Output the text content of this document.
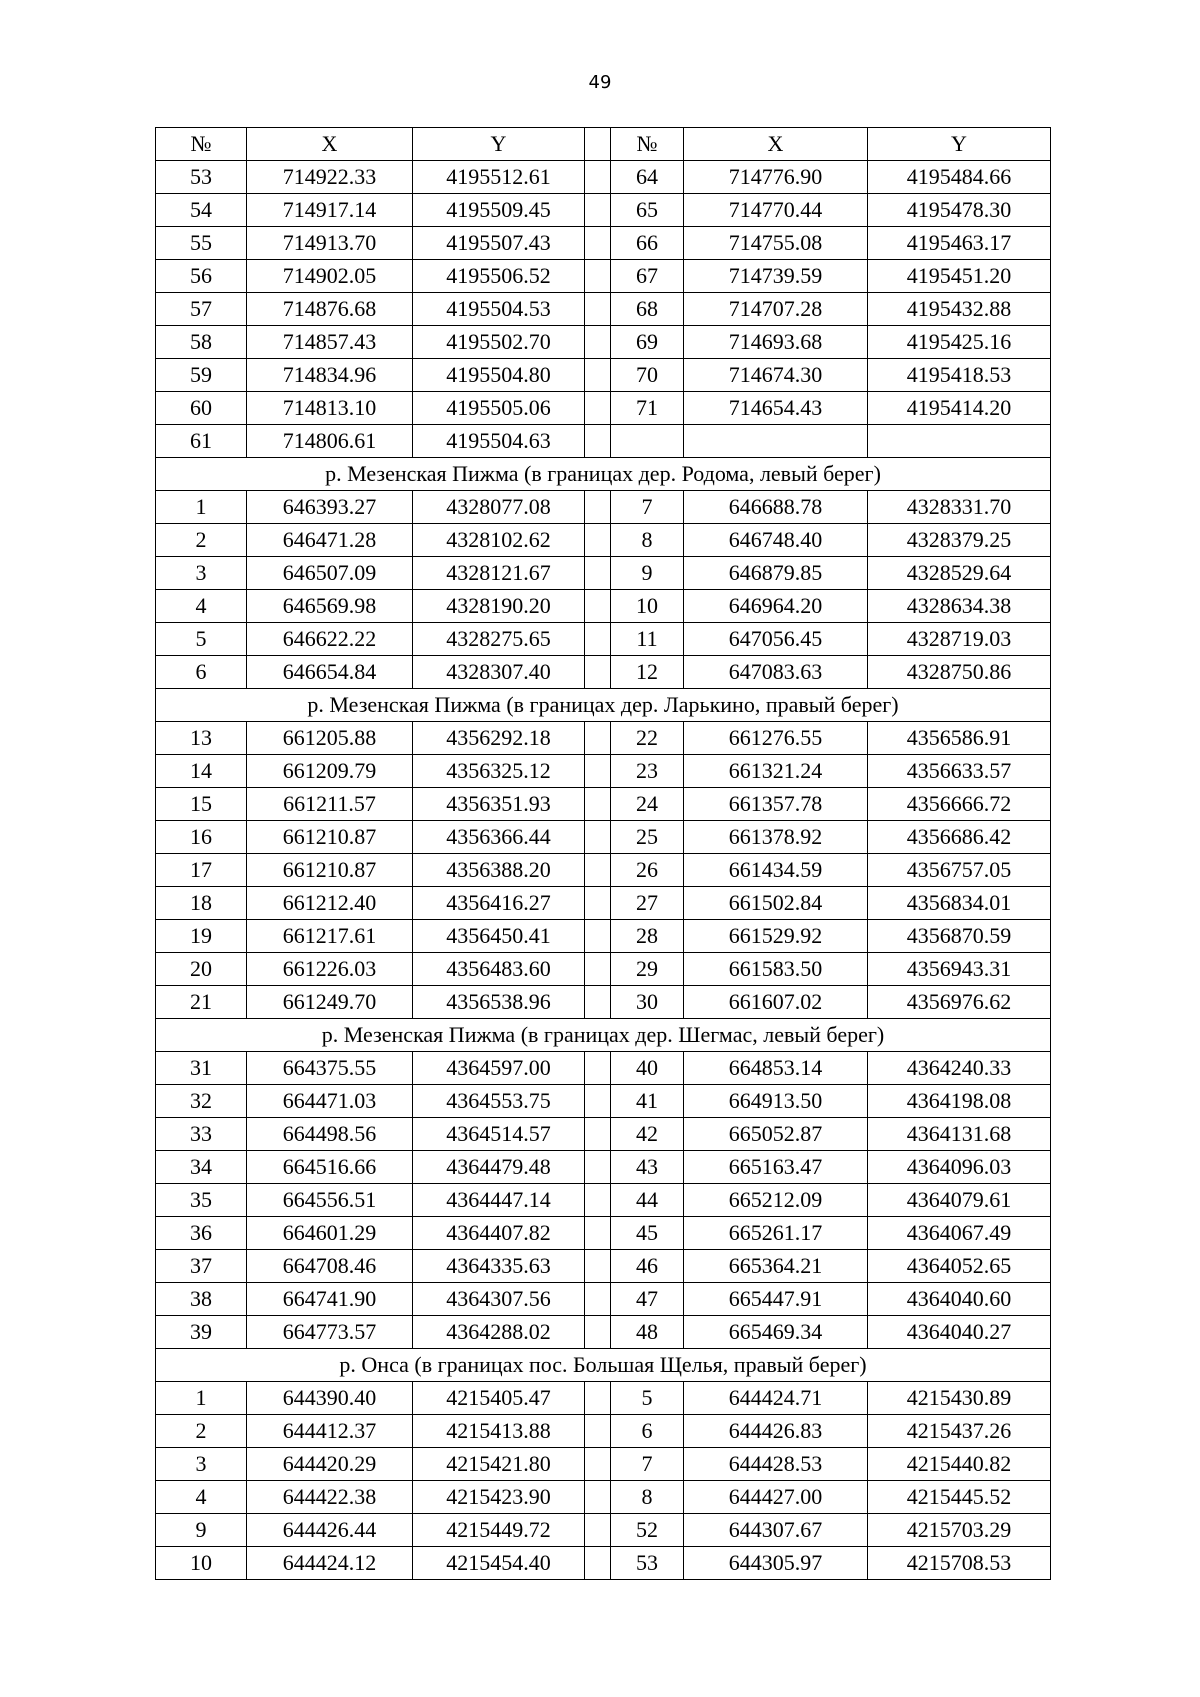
49
№	X	Y		№	X	Y
53	714922.33	4195512.61		64	714776.90	4195484.66
54	714917.14	4195509.45		65	714770.44	4195478.30
55	714913.70	4195507.43		66	714755.08	4195463.17
56	714902.05	4195506.52		67	714739.59	4195451.20
57	714876.68	4195504.53		68	714707.28	4195432.88
58	714857.43	4195502.70		69	714693.68	4195425.16
59	714834.96	4195504.80		70	714674.30	4195418.53
60	714813.10	4195505.06		71	714654.43	4195414.20
61	714806.61	4195504.63				
р. Мезенская Пижма (в границах дер. Родома, левый берег)						
1	646393.27	4328077.08		7	646688.78	4328331.70
2	646471.28	4328102.62		8	646748.40	4328379.25
3	646507.09	4328121.67		9	646879.85	4328529.64
4	646569.98	4328190.20		10	646964.20	4328634.38
5	646622.22	4328275.65		11	647056.45	4328719.03
6	646654.84	4328307.40		12	647083.63	4328750.86
р. Мезенская Пижма (в границах дер. Ларькино, правый берег)						
13	661205.88	4356292.18		22	661276.55	4356586.91
14	661209.79	4356325.12		23	661321.24	4356633.57
15	661211.57	4356351.93		24	661357.78	4356666.72
16	661210.87	4356366.44		25	661378.92	4356686.42
17	661210.87	4356388.20		26	661434.59	4356757.05
18	661212.40	4356416.27		27	661502.84	4356834.01
19	661217.61	4356450.41		28	661529.92	4356870.59
20	661226.03	4356483.60		29	661583.50	4356943.31
21	661249.70	4356538.96		30	661607.02	4356976.62
р. Мезенская Пижма (в границах дер. Шегмас, левый берег)						
31	664375.55	4364597.00		40	664853.14	4364240.33
32	664471.03	4364553.75		41	664913.50	4364198.08
33	664498.56	4364514.57		42	665052.87	4364131.68
34	664516.66	4364479.48		43	665163.47	4364096.03
35	664556.51	4364447.14		44	665212.09	4364079.61
36	664601.29	4364407.82		45	665261.17	4364067.49
37	664708.46	4364335.63		46	665364.21	4364052.65
38	664741.90	4364307.56		47	665447.91	4364040.60
39	664773.57	4364288.02		48	665469.34	4364040.27
р. Онса (в границах пос. Большая Щелья, правый берег)						
1	644390.40	4215405.47		5	644424.71	4215430.89
2	644412.37	4215413.88		6	644426.83	4215437.26
3	644420.29	4215421.80		7	644428.53	4215440.82
4	644422.38	4215423.90		8	644427.00	4215445.52
9	644426.44	4215449.72		52	644307.67	4215703.29
10	644424.12	4215454.40		53	644305.97	4215708.53
